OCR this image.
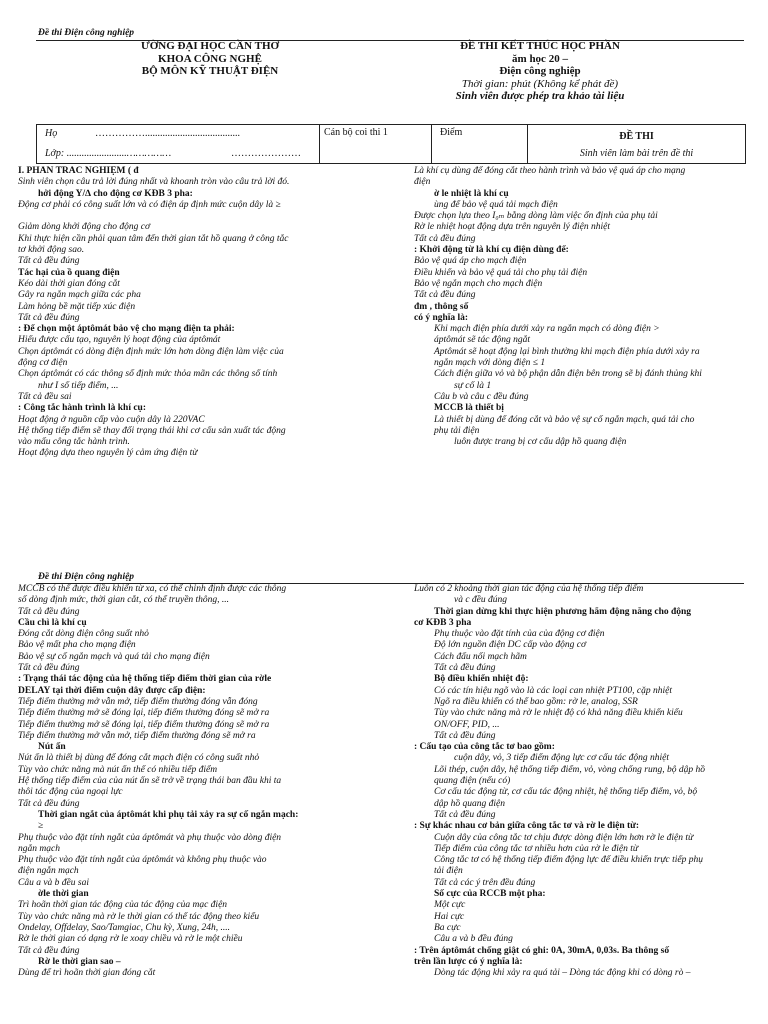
Đề thi Điện công nghiệp
ƯỜNG ĐẠI HỌC CẦN THƠ
KHOA CÔNG NGHỆ
BỘ MÔN KỸ THUẬT ĐIỆN
ĐỀ THI KẾT THÚC HỌC PHẦN
ăm học 20 –
Điện công nghiệp
Thời gian: phút (Không kể phát đề)
Sinh viên được phép tra khảo tài liệu
Họ	……………......................................
Lớp: ........................……………	…………………
Cán bộ coi thi 1	Điểm	ĐỀ THI
Sinh viên làm bài trên đề thi
I. PHẦN TRẮC NGHIỆM ( đ
Sinh viên chọn câu trả lời đúng nhất và khoanh tròn vào câu trả lời đó.
hởi động Y/∆ cho động cơ KĐB 3 pha:
Động cơ phải có công suất lớn và có điện áp định mức cuộn dây là ≥
Giảm dòng khởi động cho động cơ
Khi thực hiện cần phải quan tâm đến thời gian tắt hồ quang ở công tắc
tơ khởi động sao.
Tất cả đều đúng
Tác hại của ồ quang điện
Kéo dài thời gian đóng cắt
Gây ra ngắn mạch giữa các pha
Làm hỏng bề mặt tiếp xúc điện
Tất cả đều đúng
: Để chọn một áptômát bảo vệ cho mạng điện ta phải:
Hiểu được cấu tạo, nguyên lý hoạt động của áptômát
Chọn áptômát có dòng điện định mức lớn hơn dòng điện làm việc của
động cơ điện
Chọn áptômát có các thông số định mức thỏa mãn các thông số tính
như I số tiếp điểm, ...
Tất cả đều sai
: Công tắc hành trình là khí cụ:
Hoạt động ở nguồn cấp vào cuộn dây là 220VAC
Hệ thống tiếp điểm sẽ thay đổi trạng thái khi cơ cấu sản xuất tác động
vào mấu công tắc hành trình.
Hoạt động dựa theo nguyên lý cảm ứng điện từ
Là khí cụ dùng để đóng cắt theo hành trình và bảo vệ quá áp cho mạng
điện
ờ le nhiệt là khí cụ
ùng để bảo vệ quá tải mạch điện
Được chọn lựa theo I₀ₘ bằng dòng làm việc ổn định của phụ tải
Rờ le nhiệt hoạt động dựa trên nguyên lý điện nhiệt
Tất cả đều đúng
: Khởi động từ là khí cụ điện dùng để:
Bảo vệ quá áp cho mạch điện
Điều khiển và bảo vệ quá tải cho phụ tải điện
Bảo vệ ngắn mạch cho mạch điện
Tất cả đều đúng
đm , thông số
có ý nghĩa là:
Khi mạch điện phía dưới xảy ra ngắn mạch có dòng điện >
áptômát sẽ tác động ngắt
Áptômát sẽ hoạt động lại bình thường khi mạch điện phía dưới xảy ra
ngắn mạch với dòng điện ≤ 1
Cách điện giữa vỏ và bộ phận dẫn điện bên trong sẽ bị đánh thủng khi
sự cố là 1
Câu b và câu c đều đúng
MCCB là thiết bị
Là thiết bị dùng để đóng cắt và bảo vệ sự cố ngắn mạch, quá tải cho
phụ tải điện
luôn được trang bị cơ cấu dập hồ quang điện
Đề thi Điện công nghiệp
MCCB có thể được điều khiển từ xa, có thể chỉnh định được các thông
số dòng định mức, thời gian cắt, có thể truyền thông, ...
Tất cả đều đúng
Cầu chì là khí cụ
Đóng cắt dòng điện công suất nhỏ
Bảo vệ mất pha cho mạng điện
Bảo vệ sự cố ngắn mạch và quá tải cho mạng điện
Tất cả đều đúng
: Trạng thái tác động của hệ thống tiếp điểm thời gian của rờle
DELAY tại thời điểm cuộn dây được cấp điện:
Tiếp điểm thường mở vẫn mở, tiếp điểm thường đóng vẫn đóng
Tiếp điểm thường mở sẽ đóng lại, tiếp điểm thường đóng sẽ mở ra
Tiếp điểm thường mở sẽ đóng lại, tiếp điểm thường đóng sẽ mở ra
Tiếp điểm thường mở vẫn mở, tiếp điểm thường đóng sẽ mở ra
Nút ấn
Nút ấn là thiết bị dùng để đóng cắt mạch điện có công suất nhỏ
Tùy vào chức năng mà nút ấn thể có nhiều tiếp điểm
Hệ thống tiếp điểm của của nút ấn sẽ trở về trạng thái ban đầu khi ta
thôi tác động của ngoại lực
Tất cả đều đúng
Thời gian ngắt của áptômát khi phụ tải xảy ra sự cố ngắn mạch:
≥
Phụ thuộc vào đặt tính ngắt của áptômát và phụ thuộc vào dòng điện
ngắn mạch
Phụ thuộc vào đặt tính ngắt của áptômát và không phụ thuộc vào
điện ngắn mạch
Câu a và b đều sai
ờle thời gian
Trì hoãn thời gian tác động của tác động của mạc điện
Tùy vào chức năng mà rờ le thời gian có thể tác động theo kiểu
Ondelay, Offdelay, Sao/Tamgiac, Chu kỳ, Xung, 24h, ....
Rờ le thời gian có dạng rờ le xoay chiều và rờ le một chiều
Tất cả đều đúng
Rờ le thời gian sao –
Dùng để trì hoãn thời gian đóng cắt
Luôn có 2 khoảng thời gian tác động của hệ thống tiếp điểm
và c đều đúng
Thời gian dừng khi thực hiện phương hãm động năng cho động
cơ KĐB 3 pha
Phụ thuộc vào đặt tính của của động cơ điện
Độ lớn nguồn điện DC cấp vào động cơ
Cách đấu nối mạch hãm
Tất cả đều đúng
Bộ điều khiển nhiệt độ:
Có các tín hiệu ngõ vào là các loại can nhiệt PT100, cặp nhiệt
Ngõ ra điều khiển có thể bao gồm: rờ le, analog, SSR
Tùy vào chức năng mà rờ le nhiệt độ có khả năng điều khiển kiểu
ON/OFF, PID, ...
Tất cả đều đúng
: Cấu tạo của công tắc tơ bao gồm:
cuộn dây, vỏ, 3 tiếp điểm động lực cơ cấu tác động nhiệt
Lõi thép, cuộn dây, hệ thống tiếp điểm, vỏ, vòng chống rung, bộ dập hồ
quang điện (nếu có)
Cơ cấu tác động từ, cơ cấu tác động nhiệt, hệ thống tiếp điểm, vỏ, bộ
dập hồ quang điện
Tất cả đều đúng
: Sự khác nhau cơ bản giữa công tắc tơ và rờ le điện từ:
Cuộn dây của công tắc tơ chịu được dòng điện lớn hơn rờ le điện từ
Tiếp điểm của công tắc tơ nhiều hơn của rờ le điện từ
Công tắc tơ có hệ thống tiếp điểm động lực để điều khiển trực tiếp phụ
tải điện
Tất cả các ý trên đều đúng
Số cực của RCCB một pha:
Một cực
Hai cực
Ba cực
Câu a và b đều đúng
: Trên áptômát chống giật có ghi: 0A, 30mA, 0,03s. Ba thông số
trên lần lược có ý nghĩa là:
Dòng tác động khi xảy ra quá tải – Dòng tác động khi có dòng rò –
